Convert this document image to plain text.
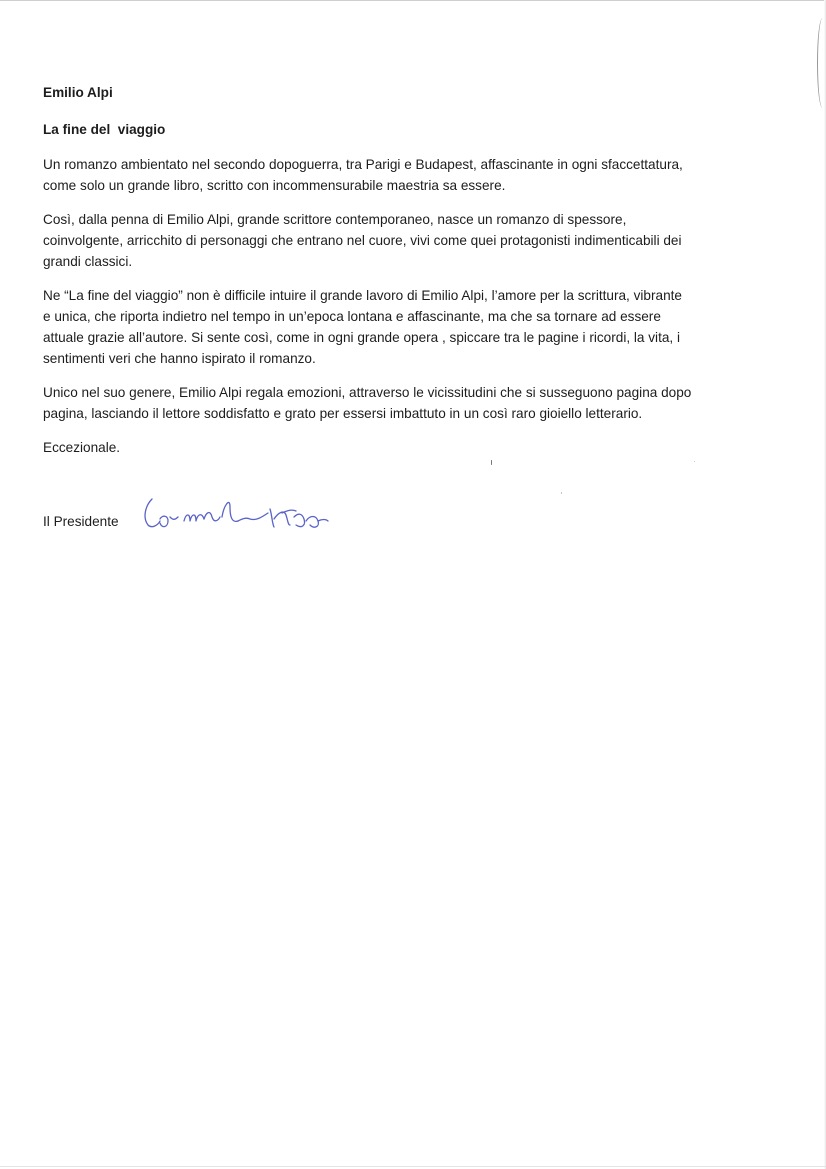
Emilio Alpi

La fine del  viaggio

Un romanzo ambientato nel secondo dopoguerra, tra Parigi e Budapest, affascinante in ogni sfaccettatura,
come solo un grande libro, scritto con incommensurabile maestria sa essere.

Così, dalla penna di Emilio Alpi, grande scrittore contemporaneo, nasce un romanzo di spessore,
coinvolgente, arricchito di personaggi che entrano nel cuore, vivi come quei protagonisti indimenticabili dei
grandi classici.

Ne “La fine del viaggio” non è difficile intuire il grande lavoro di Emilio Alpi, l’amore per la scrittura, vibrante
e unica, che riporta indietro nel tempo in un’epoca lontana e affascinante, ma che sa tornare ad essere
attuale grazie all’autore. Si sente così, come in ogni grande opera , spiccare tra le pagine i ricordi, la vita, i
sentimenti veri che hanno ispirato il romanzo.

Unico nel suo genere, Emilio Alpi regala emozioni, attraverso le vicissitudini che si susseguono pagina dopo
pagina, lasciando il lettore soddisfatto e grato per essersi imbattuto in un così raro gioiello letterario.

Eccezionale.

Il Presidente
